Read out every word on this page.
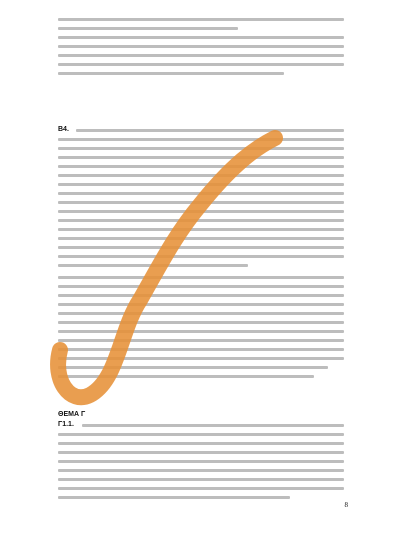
Β4.
ΘΕΜΑ Γ
Γ1.1.
8
